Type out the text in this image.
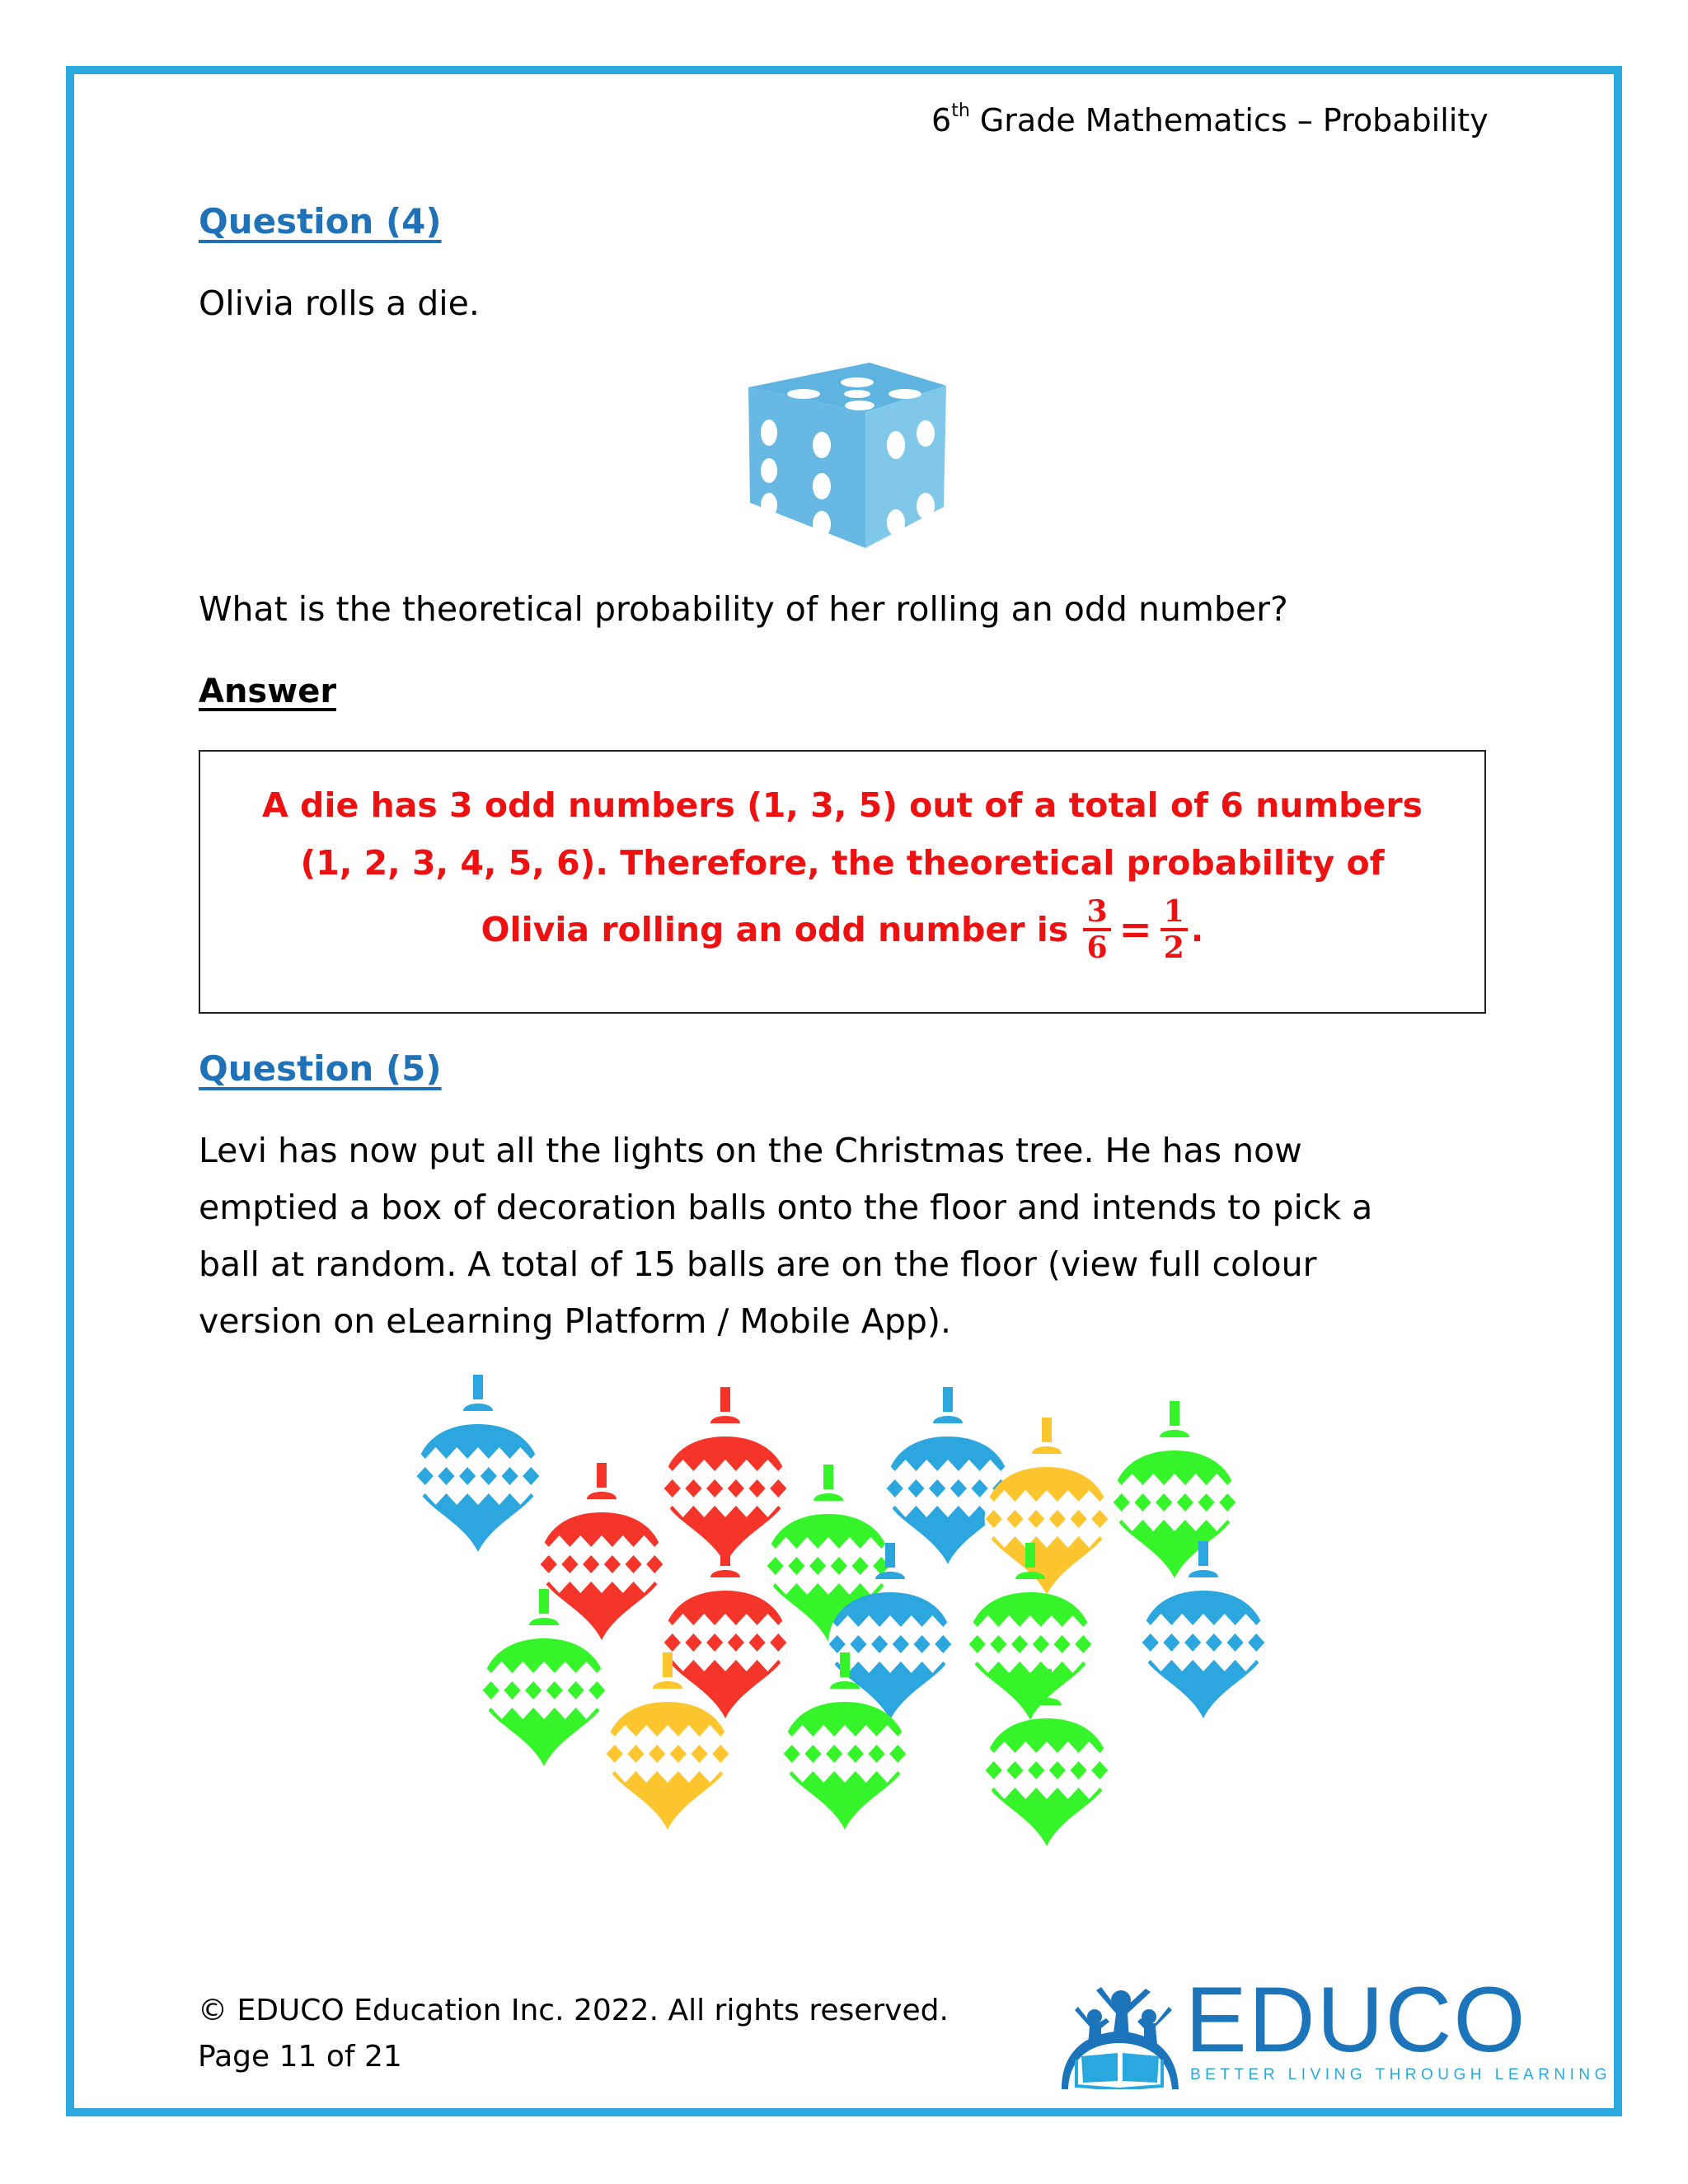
6th Grade Mathematics – Probability
Question (4)
Olivia rolls a die.
What is the theoretical probability of her rolling an odd number?
Answer
A die has 3 odd numbers (1, 3, 5) out of a total of 6 numbers
(1, 2, 3, 4, 5, 6). Therefore, the theoretical probability of
Olivia rolling an odd number is $\frac{3}{6} = \frac{1}{2}$ .
Question (5)
Levi has now put all the lights on the Christmas tree. He has now
emptied a box of decoration balls onto the floor and intends to pick a
ball at random. A total of 15 balls are on the floor (view full colour
version on eLearning Platform / Mobile App).
© EDUCO Education Inc. 2022. All rights reserved.
Page 11 of 21	EDUCO
BETTER LIVING THROUGH LEARNING
